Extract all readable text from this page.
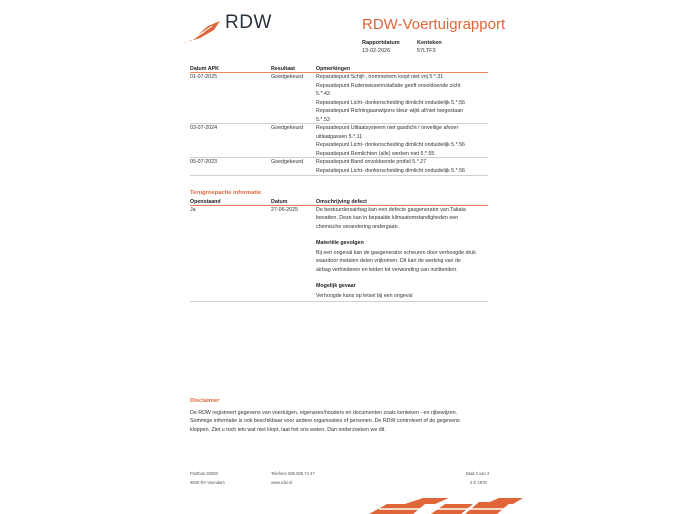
RDW	RDW-Voertuigrapport
Rapportdatum
13-02-2026
Kenteken
57LTF3
Datum APK	Resultaat	Opmerkingen
01-07-2025	Goedgekeurd Reparatiepunt Schijf-, trommelrem loopt niet vrij 5.*.31
Reparatiepunt Ruitenwisserinstallatie geeft onvoldoende zicht
5.*.43
Reparatiepunt Licht- donkerscheiding dimlicht onduidelijk 5.*.56
Reparatiepunt Richtingaanwijzers kleur wijkt af/niet toegestaan
5.*.53
03-07-2024	Goedgekeurd Reparatiepunt Uitlaatsysteem niet gasdicht / onveilige afvoer
uitlaatgassen 5.*.11
Reparatiepunt Licht- donkerscheiding dimlicht onduidelijk 5.*.56
Reparatiepunt Remlichten (alle) werken niet 5.*.55
05-07-2023	Goedgekeurd Reparatiepunt Band onvoldoende profiel 5.*.27
Reparatiepunt Licht- donkerscheiding dimlicht onduidelijk 5.*.56
Terugroepactie informatie
Openstaand	Datum	Omschrijving defect
Ja	27-06-2025	De bestuurdersairbag kan een defecte gasgenerator van Takata
bevatten. Deze kan in bepaalde klimaatomstandigheden een
chemische verandering ondergaan.
Materiële gevolgen
Bij een ongeval kan de gasgenerator scheuren door verhoogde druk
waardoor metalen delen vrijkomen. Dit kan de werking van de
airbag verhinderen en leiden tot verwonding van inzittenden.
Mogelijk gevaar
Verhoogde kans op letsel bij een ongeval
Disclaimer
De RDW registreert gegevens van voertuigen, eigenaren/houders en documenten zoals kenteken - en rijbewijzen.
Sommige informatie is ook beschikbaar voor andere organisaties of personen. De RDW controleert of de gegevens
kloppen. Ziet u toch iets wat niet klopt, laat het ons weten. Dan onderzoeken we dit.
Postbus 30000
9640 RA Veendam
Telefoon 088 008 74 47
www.rdw.nl
Blad 3 van 3
2 E 1978
